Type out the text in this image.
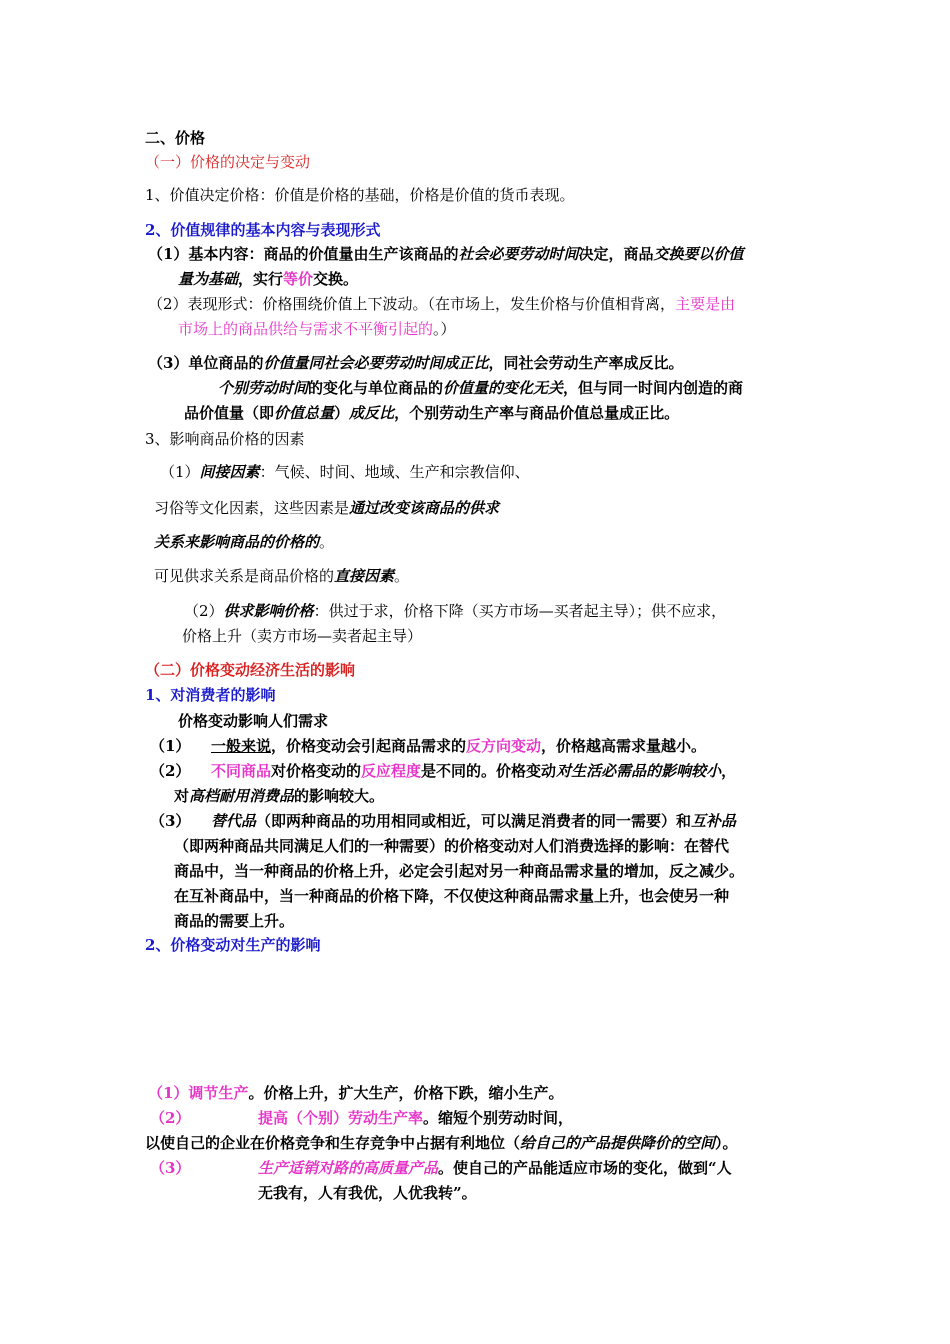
二、价格
（一）价格的决定与变动
1、价值决定价格：价值是价格的基础，价格是价值的货币表现。
2、价值规律的基本内容与表现形式
（1）基本内容：商品的价值量由生产该商品的社会必要劳动时间决定，商品交换要以价值
量为基础，实行等价交换。
（2）表现形式：价格围绕价值上下波动。（在市场上，发生价格与价值相背离，主要是由
市场上的商品供给与需求不平衡引起的。）
（3）单位商品的价值量同社会必要劳动时间成正比，同社会劳动生产率成反比。
个别劳动时间的变化与单位商品的价值量的变化无关，但与同一时间内创造的商
品价值量（即价值总量）成反比，个别劳动生产率与商品价值总量成正比。
3、影响商品价格的因素
（1）间接因素：气候、时间、地域、生产和宗教信仰、
习俗等文化因素，这些因素是通过改变该商品的供求
关系来影响商品的价格的。
可见供求关系是商品价格的直接因素。
（2）供求影响价格：供过于求，价格下降（买方市场—买者起主导）；供不应求，
价格上升（卖方市场—卖者起主导）
（二）价格变动经济生活的影响
1、对消费者的影响
价格变动影响人们需求
（1） 一般来说，价格变动会引起商品需求的反方向变动，价格越高需求量越小。
（2） 不同商品对价格变动的反应程度是不同的。价格变动对生活必需品的影响较小，
对高档耐用消费品的影响较大。
（3） 替代品（即两种商品的功用相同或相近，可以满足消费者的同一需要）和互补品
（即两种商品共同满足人们的一种需要）的价格变动对人们消费选择的影响：在替代
商品中，当一种商品的价格上升，必定会引起对另一种商品需求量的增加，反之减少。
在互补商品中，当一种商品的价格下降，不仅使这种商品需求量上升，也会使另一种
商品的需要上升。
2、价格变动对生产的影响
（1）调节生产。价格上升，扩大生产，价格下跌，缩小生产。
（2）	提高（个别）劳动生产率。缩短个别劳动时间，
以使自己的企业在价格竞争和生存竞争中占据有利地位（给自己的产品提供降价的空间）。
（3）	生产适销对路的高质量产品。使自己的产品能适应市场的变化，做到“人
无我有，人有我优，人优我转”。
